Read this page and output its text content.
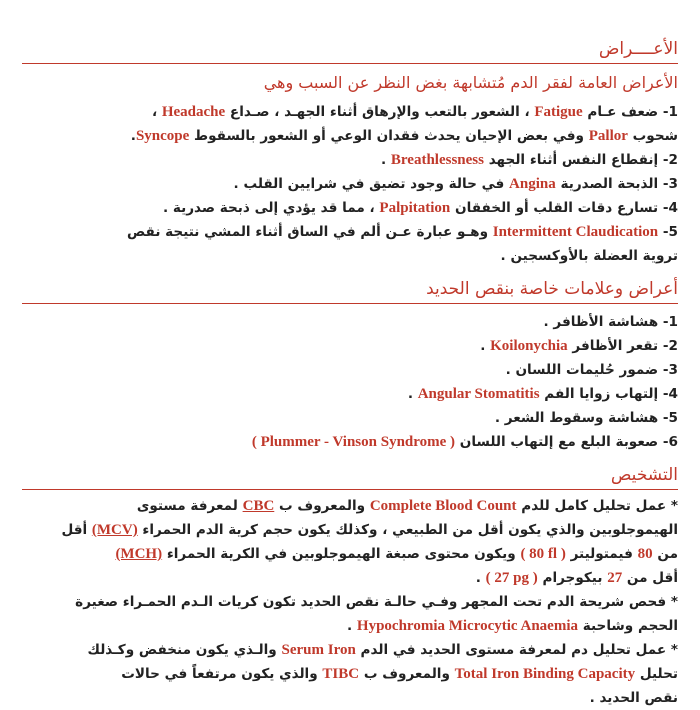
الأعــــراض
الأعراض العامة لفقر الدم مُتشابهة بغض النظر عن السبب وهي
1- ضعف عـام Fatigue ، الشعور بالتعب والإرهاق أثناء الجهـد ، صـداع Headache ،
شحوب Pallor وفي بعض الإحيان يحدث فقدان الوعي أو الشعور بالسقوط Syncope.
2- إنقطاع النفس أثناء الجهد Breathlessness .
3- الذبحة الصدرية Angina في حالة وجود تضيق في شرايين القلب .
4- تسارع دقات القلب أو الخفقان Palpitation ، مما قد يؤدي إلى ذبحة صدرية .
5- Intermittent Claudication وهـو عبارة عـن ألم في الساق أثناء المشي نتيجة نقص
تروية العضلة بالأوكسجين .
أعراض وعلامات خاصة بنقص الحديد
1- هشاشة الأظافر .
2- تقعر الأظافر Koilonychia .
3- ضمور حُليمات اللسان .
4- إلتهاب زوايا الفم Angular Stomatitis .
5- هشاشة وسقوط الشعر .
6- صعوبة البلع مع إلتهاب اللسان ( Plummer - Vinson Syndrome )
التشخيص
* عمل تحليل كامل للدم Complete Blood Count والمعروف ب CBC لمعرفة مستوى
الهيموجلوبين والذي يكون أقل من الطبيعي ، وكذلك يكون حجم كرية الدم الحمراء (MCV) أقل
من 80 فيمتوليتر ( 80 fl ) ويكون محتوى صبغة الهيموجلوبين في الكرية الحمراء (MCH)
أقل من 27 بيكوجرام ( 27 pg ) .
* فحص شريحة الدم تحت المجهر وفـي حالـة نقص الحديد تكون كريات الـدم الحمـراء صغيرة
الحجم وشاحبة Hypochromia Microcytic Anaemia .
* عمل تحليل دم لمعرفة مستوى الحديد في الدم Serum Iron والـذي يكون منخفض وكـذلك
تحليل Total Iron Binding Capacity والمعروف ب TIBC والذي يكون مرتفعاً في حالات
نقص الحديد .
